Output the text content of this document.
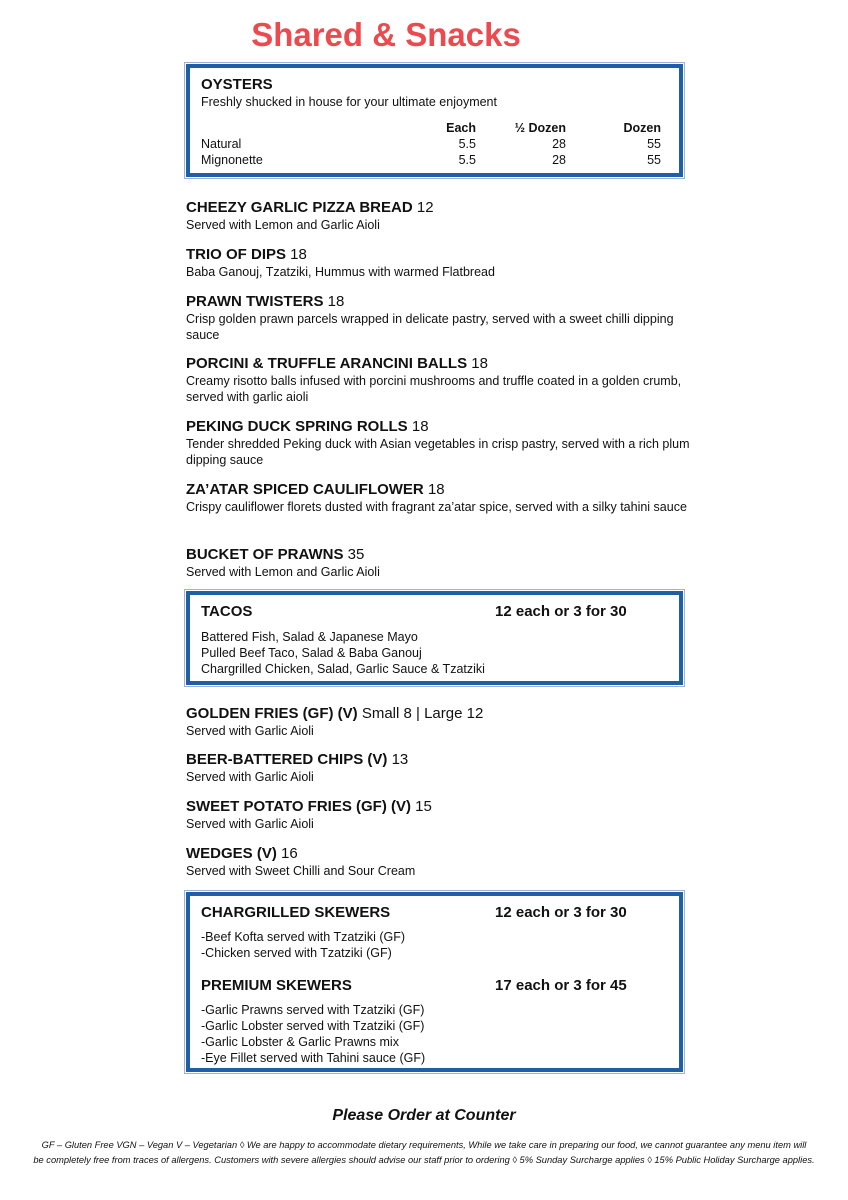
Shared & Snacks
OYSTERS
Freshly shucked in house for your ultimate enjoyment
	Each	½ Dozen	Dozen
Natural	5.5	28	55
Mignonette	5.5	28	55
CHEEZY GARLIC PIZZA BREAD 12
Served with Lemon and Garlic Aioli
TRIO OF DIPS 18
Baba Ganouj, Tzatziki, Hummus with warmed Flatbread
PRAWN TWISTERS 18
Crisp golden prawn parcels wrapped in delicate pastry, served with a sweet chilli dipping sauce
PORCINI & TRUFFLE ARANCINI BALLS 18
Creamy risotto balls infused with porcini mushrooms and truffle coated in a golden crumb, served with garlic aioli
PEKING DUCK SPRING ROLLS 18
Tender shredded Peking duck with Asian vegetables in crisp pastry, served with a rich plum dipping sauce
ZA’ATAR SPICED CAULIFLOWER 18
Crispy cauliflower florets dusted with fragrant za’atar spice, served with a silky tahini sauce
BUCKET OF PRAWNS 35
Served with Lemon and Garlic Aioli
TACOS	12 each or 3 for 30
Battered Fish, Salad & Japanese Mayo
Pulled Beef Taco, Salad & Baba Ganouj
Chargrilled Chicken, Salad, Garlic Sauce & Tzatziki
GOLDEN FRIES (GF) (V) Small 8 | Large 12
Served with Garlic Aioli
BEER-BATTERED CHIPS (V) 13
Served with Garlic Aioli
SWEET POTATO FRIES (GF) (V) 15
Served with Garlic Aioli
WEDGES (V) 16
Served with Sweet Chilli and Sour Cream
CHARGRILLED SKEWERS	12 each or 3 for 30
-Beef Kofta served with Tzatziki (GF)
-Chicken served with Tzatziki (GF)
PREMIUM SKEWERS	17 each or 3 for 45
-Garlic Prawns served with Tzatziki (GF)
-Garlic Lobster served with Tzatziki (GF)
-Garlic Lobster & Garlic Prawns mix
-Eye Fillet served with Tahini sauce (GF)
Please Order at Counter
GF – Gluten Free VGN – Vegan V – Vegetarian ◊ We are happy to accommodate dietary requirements, While we take care in preparing our food, we cannot guarantee any menu item will
be completely free from traces of allergens. Customers with severe allergies should advise our staff prior to ordering ◊ 5% Sunday Surcharge applies ◊ 15% Public Holiday Surcharge applies.
